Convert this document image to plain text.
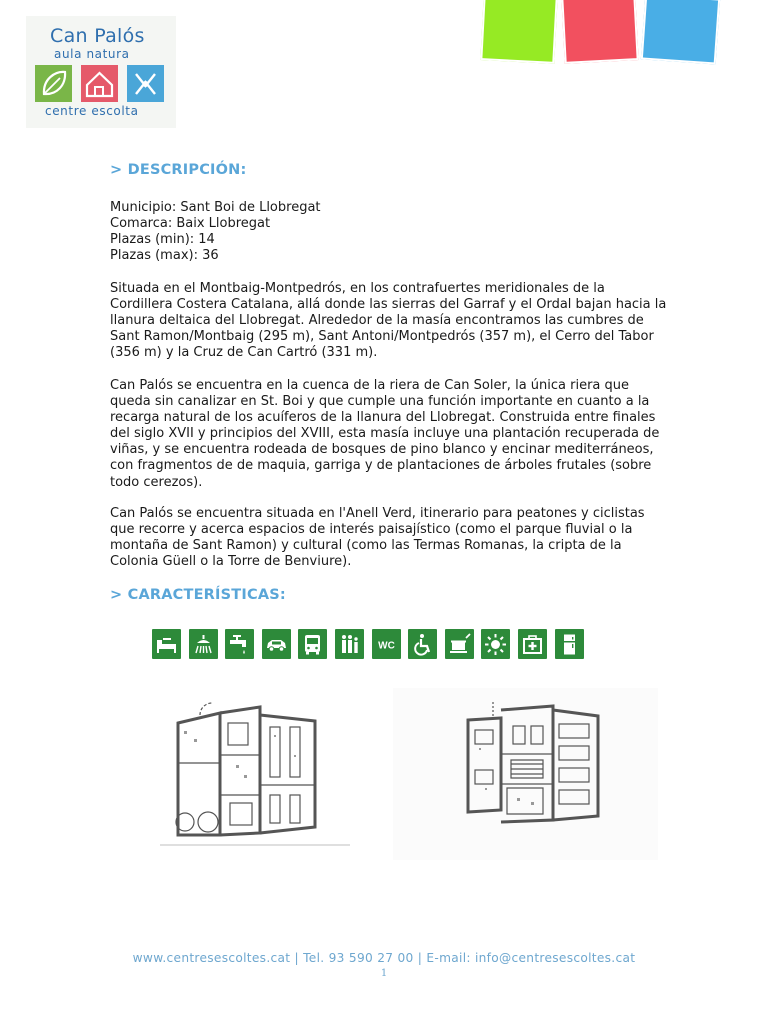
Can Palós
aula natura
centre escolta
> DESCRIPCIÓN:
Municipio: Sant Boi de Llobregat
Comarca: Baix Llobregat
Plazas (min): 14
Plazas (max): 36
Situada en el Montbaig-Montpedrós, en los contrafuertes meridionales de la Cordillera Costera Catalana, allá donde las sierras del Garraf y el Ordal bajan hacia la llanura deltaica del Llobregat. Alrededor de la masía encontramos las cumbres de Sant Ramon/Montbaig (295 m), Sant Antoni/Montpedrós (357 m), el Cerro del Tabor (356 m) y la Cruz de Can Cartró (331 m).
Can Palós se encuentra en la cuenca de la riera de Can Soler, la única riera que queda sin canalizar en St. Boi y que cumple una función importante en cuanto a la recarga natural de los acuíferos de la llanura del Llobregat. Construida entre finales del siglo XVII y principios del XVIII, esta masía incluye una plantación recuperada de viñas, y se encuentra rodeada de bosques de pino blanco y encinar mediterráneos, con fragmentos de de maquia, garriga y de plantaciones de árboles frutales (sobre todo cerezos).
Can Palós se encuentra situada en l'Anell Verd, itinerario para peatones y ciclistas que recorre y acerca espacios de interés paisajístico (como el parque fluvial o la montaña de Sant Ramon) y cultural (como las Termas Romanas, la cripta de la Colonia Güell o la Torre de Benviure).
> CARACTERÍSTICAS:
WC
www.centresescoltes.cat | Tel. 93 590 27 00 | E-mail: info@centresescoltes.cat
1
